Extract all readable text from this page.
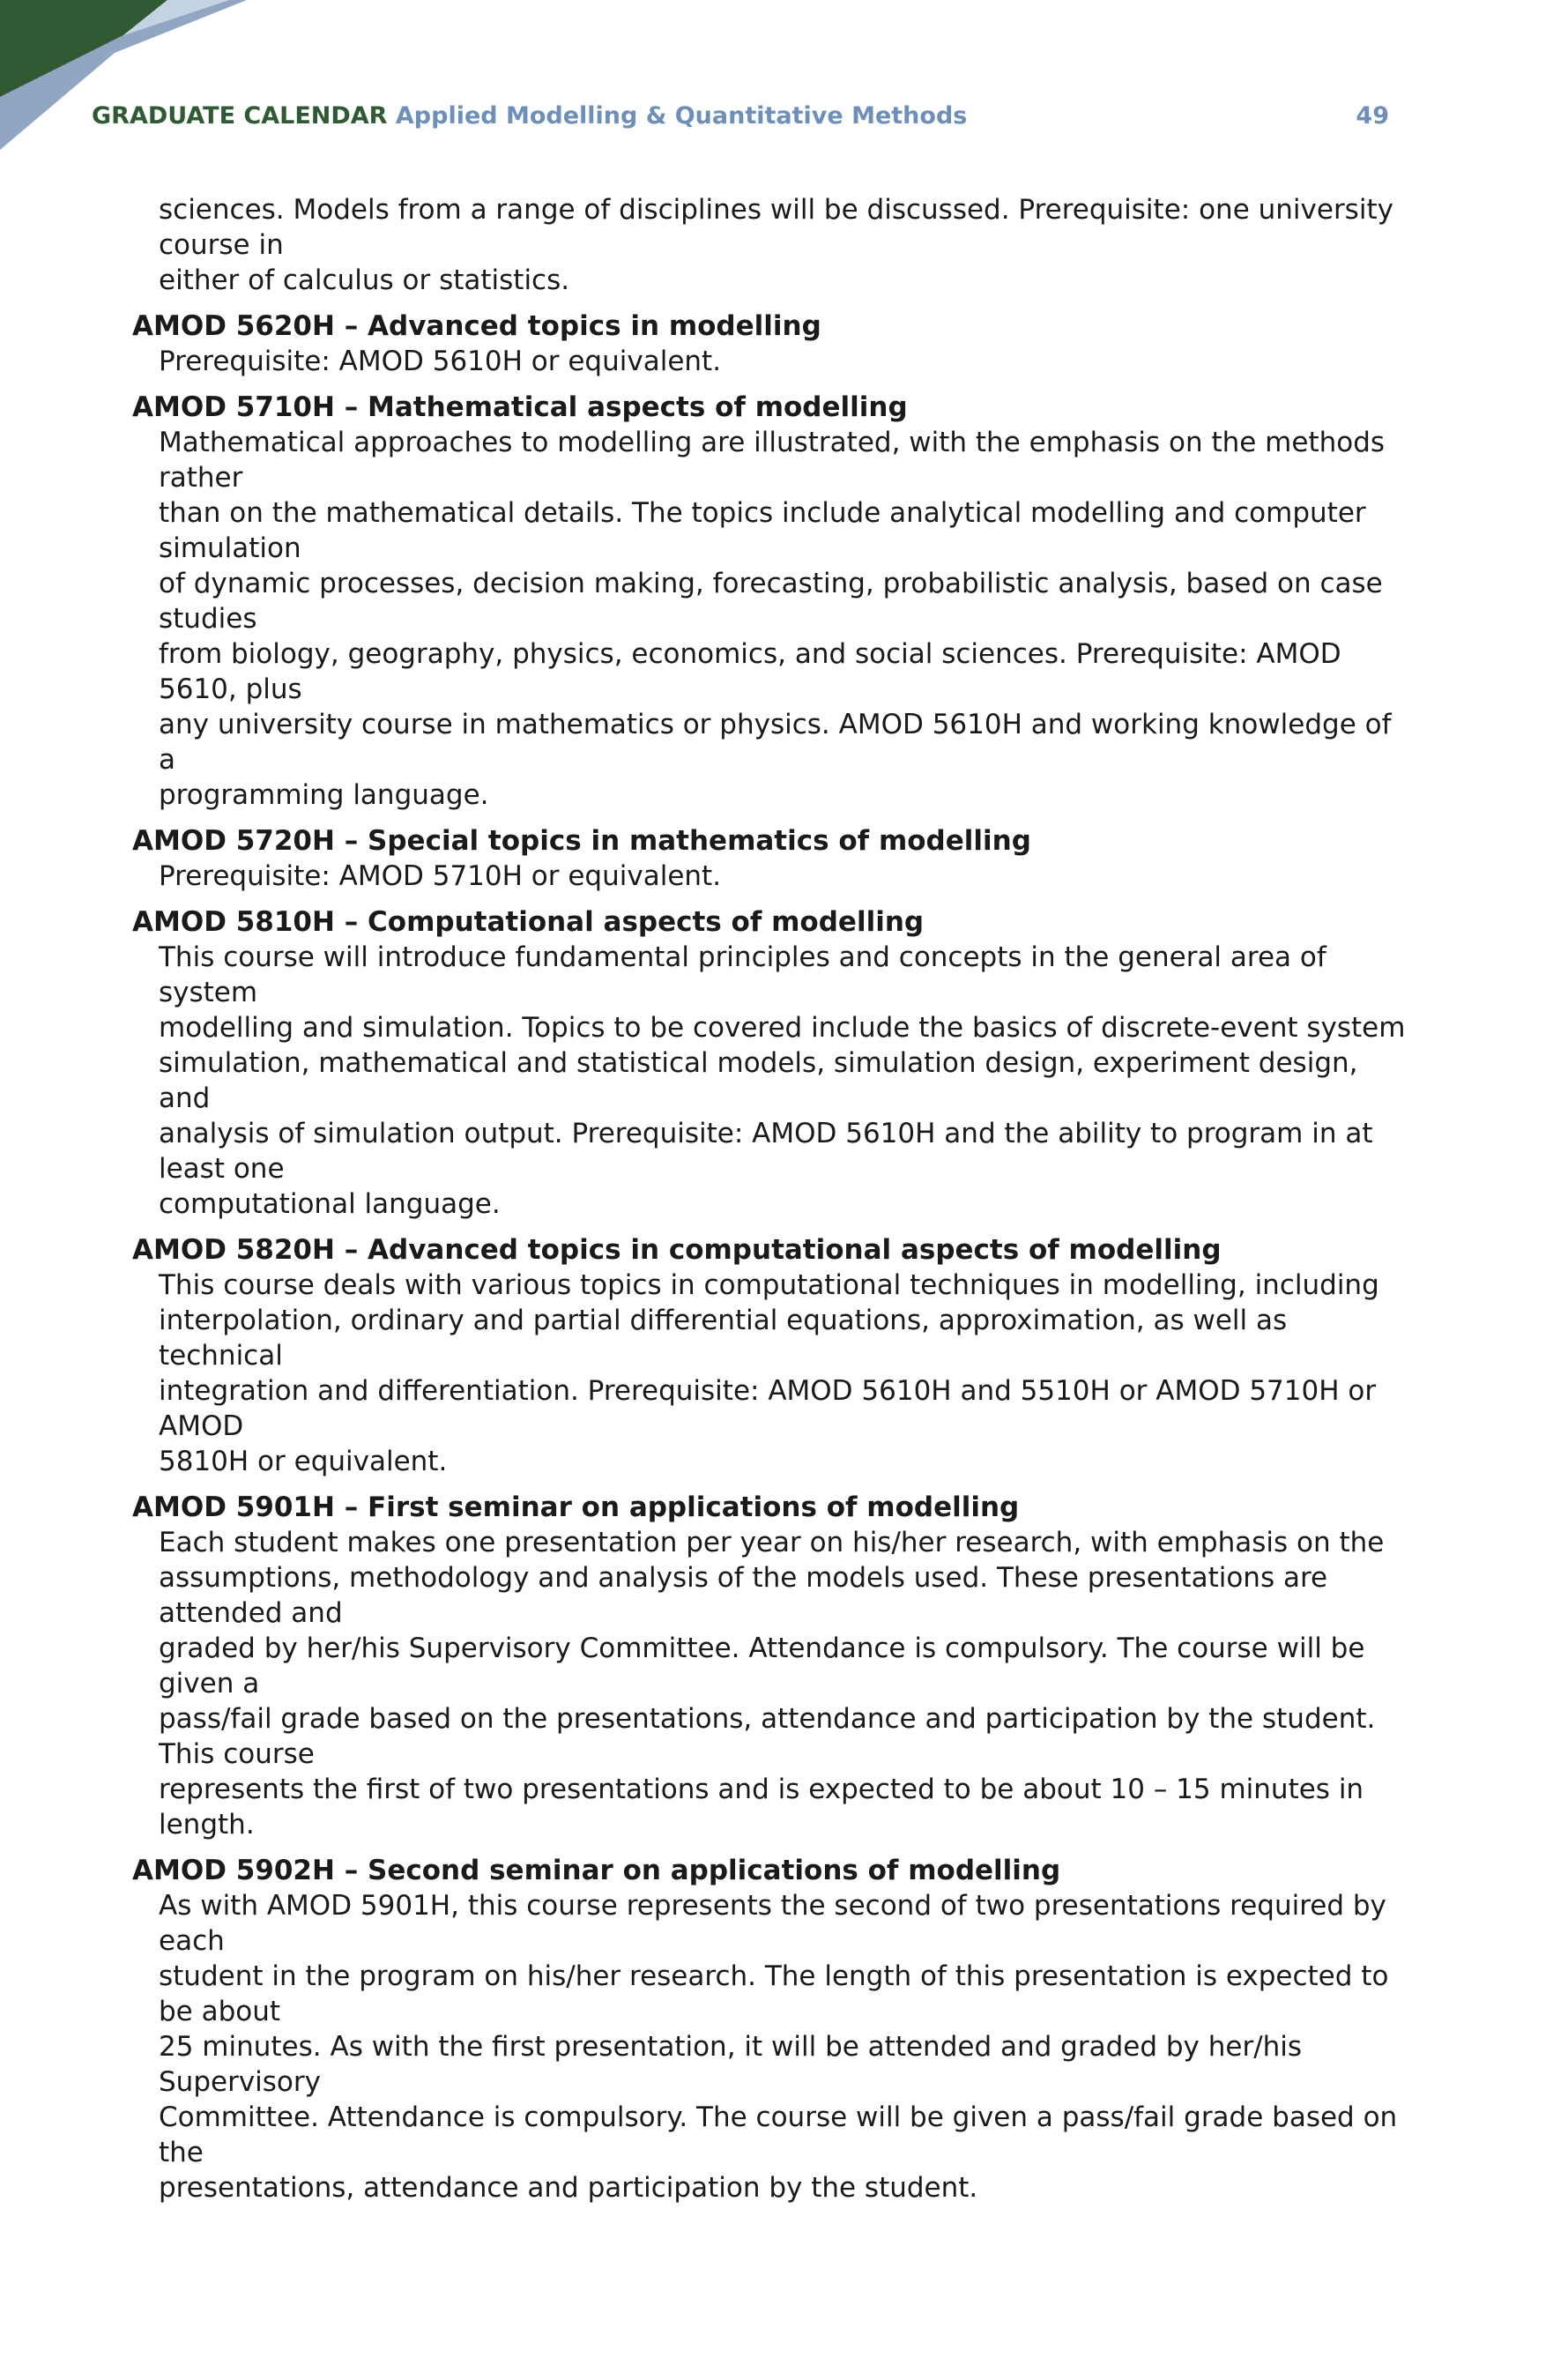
GRADUATE CALENDAR Applied Modelling & Quantitative Methods	49

sciences. Models from a range of disciplines will be discussed. Prerequisite: one university course in
either of calculus or statistics.

AMOD 5620H – Advanced topics in modelling

Prerequisite: AMOD 5610H or equivalent.

AMOD 5710H – Mathematical aspects of modelling

Mathematical approaches to modelling are illustrated, with the emphasis on the methods rather
than on the mathematical details. The topics include analytical modelling and computer simulation
of dynamic processes, decision making, forecasting, probabilistic analysis, based on case studies
from biology, geography, physics, economics, and social sciences. Prerequisite: AMOD 5610, plus
any university course in mathematics or physics. AMOD 5610H and working knowledge of a
programming language.

AMOD 5720H – Special topics in mathematics of modelling

Prerequisite: AMOD 5710H or equivalent.

AMOD 5810H – Computational aspects of modelling

This course will introduce fundamental principles and concepts in the general area of system
modelling and simulation. Topics to be covered include the basics of discrete-event system
simulation, mathematical and statistical models, simulation design, experiment design, and
analysis of simulation output. Prerequisite: AMOD 5610H and the ability to program in at least one
computational language.

AMOD 5820H – Advanced topics in computational aspects of modelling

This course deals with various topics in computational techniques in modelling, including
interpolation, ordinary and partial differential equations, approximation, as well as technical
integration and differentiation. Prerequisite: AMOD 5610H and 5510H or AMOD 5710H or AMOD
5810H or equivalent.

AMOD 5901H – First seminar on applications of modelling

Each student makes one presentation per year on his/her research, with emphasis on the
assumptions, methodology and analysis of the models used. These presentations are attended and
graded by her/his Supervisory Committee. Attendance is compulsory. The course will be given a
pass/fail grade based on the presentations, attendance and participation by the student. This course
represents the first of two presentations and is expected to be about 10 – 15 minutes in length.

AMOD 5902H – Second seminar on applications of modelling

As with AMOD 5901H, this course represents the second of two presentations required by each
student in the program on his/her research. The length of this presentation is expected to be about
25 minutes. As with the first presentation, it will be attended and graded by her/his Supervisory
Committee. Attendance is compulsory. The course will be given a pass/fail grade based on the
presentations, attendance and participation by the student.
